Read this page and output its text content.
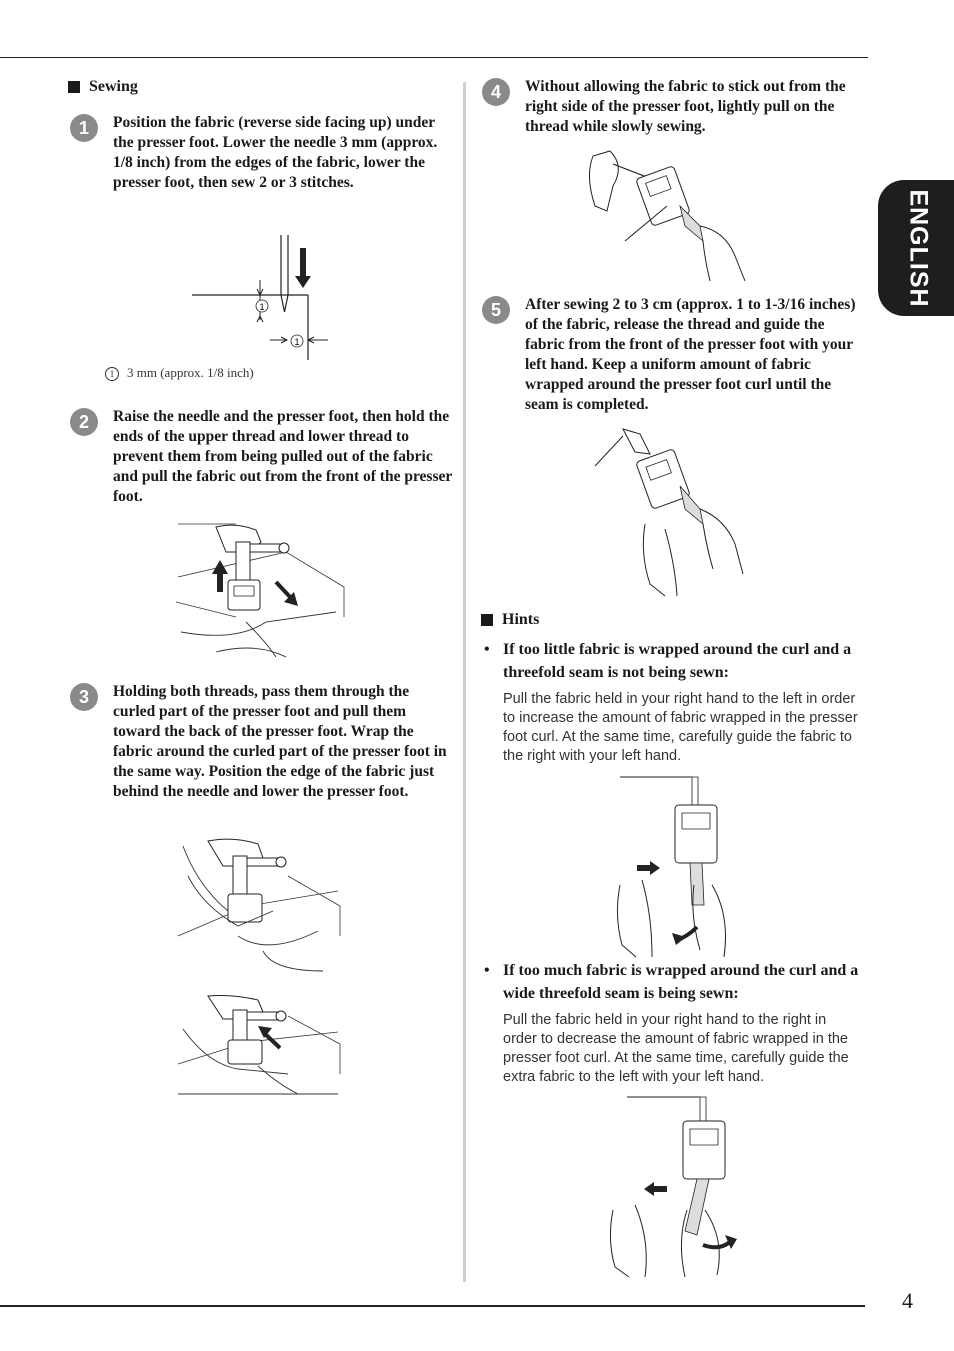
4
ENGLISH
Sewing
1	Position the fabric (reverse side facing up) under the presser foot. Lower the needle 3 mm (approx. 1/8 inch) from the edges of the fabric, lower the presser foot, then sew 2 or 3 stitches.
1
1
1 3 mm (approx. 1/8 inch)
2	Raise the needle and the presser foot, then hold the ends of the upper thread and lower thread to prevent them from being pulled out of the fabric and pull the fabric out from the front of the presser foot.
3	Holding both threads, pass them through the curled part of the presser foot and pull them toward the back of the presser foot. Wrap the fabric around the curled part of the presser foot in the same way. Position the edge of the fabric just behind the needle and lower the presser foot.
4	Without allowing the fabric to stick out from the right side of the presser foot, lightly pull on the thread while slowly sewing.
5	After sewing 2 to 3 cm (approx. 1 to 1-3/16 inches) of the fabric, release the thread and guide the fabric from the front of the presser foot with your left hand. Keep a uniform amount of fabric wrapped around the presser foot curl until the seam is completed.
Hints
• If too little fabric is wrapped around the curl and a threefold seam is not being sewn:
Pull the fabric held in your right hand to the left in order to increase the amount of fabric wrapped in the presser foot curl. At the same time, carefully guide the fabric to the right with your left hand.
• If too much fabric is wrapped around the curl and a wide threefold seam is being sewn:
Pull the fabric held in your right hand to the right in order to decrease the amount of fabric wrapped in the presser foot curl. At the same time, carefully guide the extra fabric to the left with your left hand.
